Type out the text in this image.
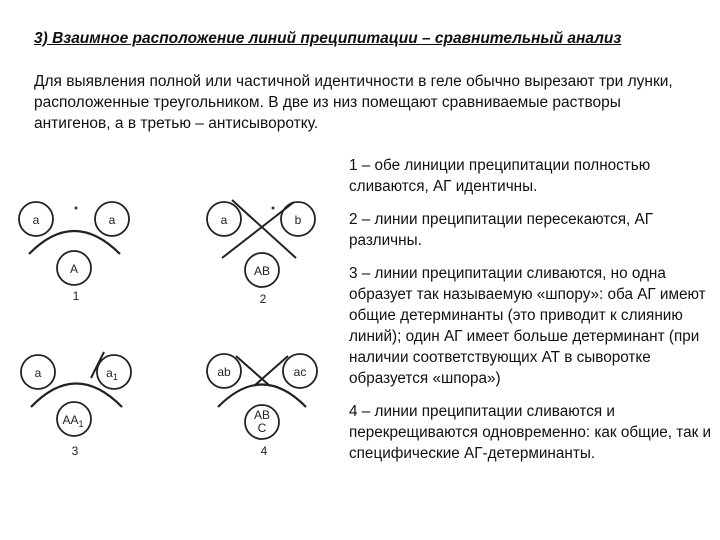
3) Взаимное расположение линий преципитации – сравнительный анализ

Для выявления полной или частичной идентичности в геле обычно вырезают три лунки, расположенные треугольником. В две из низ помещают сравниваемые растворы антигенов, а в третью – антисыворотку.

1 – обе линиции преципитации полностью сливаются, АГ идентичны.

2 – линии преципитации пересекаются, АГ различны.

3 – линии преципитации сливаются, но одна образует так называемую «шпору»: оба АГ имеют общие детерминанты (это приводит к слиянию линий); один АГ имеет больше детерминант (при наличии соответствующих АТ в сыворотке образуется «шпора»)

4 – линии преципитации сливаются и перекрещиваются одновременно: как общие, так и специфические АГ-детерминанты.

a	a
A
1
a	b
AB
2
a	$a_1$
$AA_1$
3
ab	ac
AB
C
4
